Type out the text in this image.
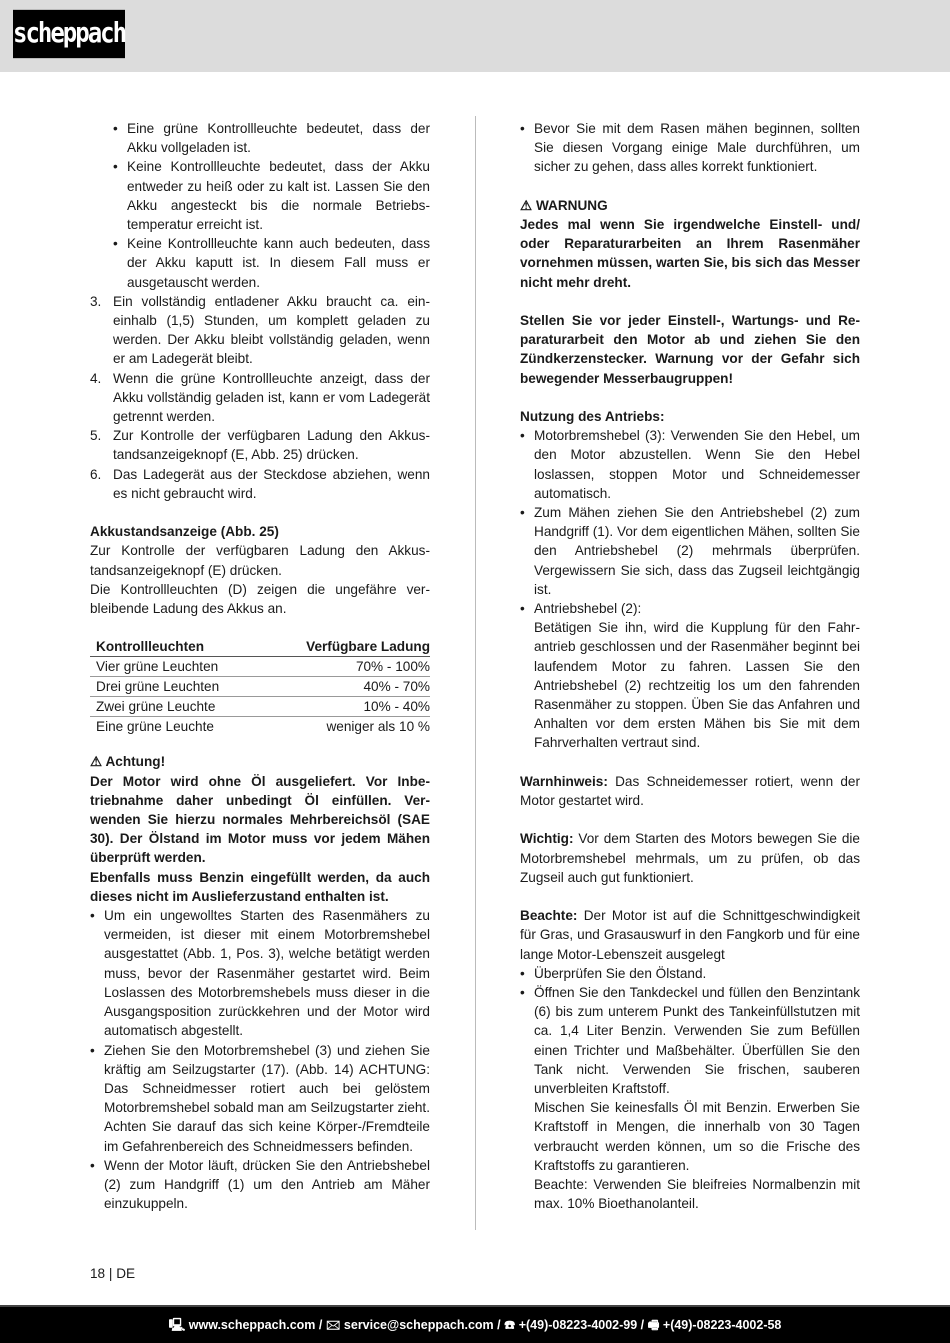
scheppach
• Eine grüne Kontrollleuchte bedeutet, dass der Akku vollgeladen ist.
• Keine Kontrollleuchte bedeutet, dass der Akku entweder zu heiß oder zu kalt ist. Lassen Sie den Akku angesteckt bis die normale Betriebstemperatur erreicht ist.
• Keine Kontrollleuchte kann auch bedeuten, dass der Akku kaputt ist. In diesem Fall muss er ausgetauscht werden.
3. Ein vollständig entladener Akku braucht ca. eineinhalb (1,5) Stunden, um komplett geladen zu werden. Der Akku bleibt vollständig geladen, wenn er am Ladegerät bleibt.
4. Wenn die grüne Kontrollleuchte anzeigt, dass der Akku vollständig geladen ist, kann er vom Ladegerät getrennt werden.
5. Zur Kontrolle der verfügbaren Ladung den Akkustandsanzeigeknopf (E, Abb. 25) drücken.
6. Das Ladegerät aus der Steckdose abziehen, wenn es nicht gebraucht wird.

Akkustandsanzeige (Abb. 25)

Zur Kontrolle der verfügbaren Ladung den Akkustandsanzeigeknopf (E) drücken.

Die Kontrollleuchten (D) zeigen die ungefähre verbleibende Ladung des Akkus an.

Kontrollleuchten	Verfügbare Ladung
Vier grüne Leuchten	70% - 100%
Drei grüne Leuchten	40% - 70%
Zwei grüne Leuchte	10% - 40%
Eine grüne Leuchte	weniger als 10 %

⚠ Achtung!

Der Motor wird ohne Öl ausgeliefert. Vor Inbetriebnahme daher unbedingt Öl einfüllen. Verwenden Sie hierzu normales Mehrbereichsöl (SAE 30). Der Ölstand im Motor muss vor jedem Mähen überprüft werden.

Ebenfalls muss Benzin eingefüllt werden, da auch dieses nicht im Auslieferzustand enthalten ist.

• Um ein ungewolltes Starten des Rasenmähers zu vermeiden, ist dieser mit einem Motorbremshebel ausgestattet (Abb. 1, Pos. 3), welche betätigt werden muss, bevor der Rasenmäher gestartet wird. Beim Loslassen des Motorbremshebels muss dieser in die Ausgangsposition zurückkehren und der Motor wird automatisch abgestellt.
• Ziehen Sie den Motorbremshebel (3) und ziehen Sie kräftig am Seilzugstarter (17). (Abb. 14) ACHTUNG: Das Schneidmesser rotiert auch bei gelöstem Motorbremshebel sobald man am Seilzugstarter zieht. Achten Sie darauf das sich keine Körper-/Fremdteile im Gefahrenbereich des Schneidmessers befinden.
• Wenn der Motor läuft, drücken Sie den Antriebshebel (2) zum Handgriff (1) um den Antrieb am Mäher einzukuppeln.
• Bevor Sie mit dem Rasen mähen beginnen, sollten Sie diesen Vorgang einige Male durchführen, um sicher zu gehen, dass alles korrekt funktioniert.

⚠ WARNUNG

Jedes mal wenn Sie irgendwelche Einstell- und/ oder Reparaturarbeiten an Ihrem Rasenmäher vornehmen müssen, warten Sie, bis sich das Messer nicht mehr dreht.

Stellen Sie vor jeder Einstell-, Wartungs- und Reparaturarbeit den Motor ab und ziehen Sie den Zündkerzenstecker. Warnung vor der Gefahr sich bewegender Messerbaugruppen!

Nutzung des Antriebs:

• Motorbremshebel (3): Verwenden Sie den Hebel, um den Motor abzustellen. Wenn Sie den Hebel loslassen, stoppen Motor und Schneidemesser automatisch.
• Zum Mähen ziehen Sie den Antriebshebel (2) zum Handgriff (1). Vor dem eigentlichen Mähen, sollten Sie den Antriebshebel (2) mehrmals überprüfen. Vergewissern Sie sich, dass das Zugseil leichtgängig ist.
• Antriebshebel (2):

Betätigen Sie ihn, wird die Kupplung für den Fahrantrieb geschlossen und der Rasenmäher beginnt bei laufendem Motor zu fahren. Lassen Sie den Antriebshebel (2) rechtzeitig los um den fahrenden Rasenmäher zu stoppen. Üben Sie das Anfahren und Anhalten vor dem ersten Mähen bis Sie mit dem Fahrverhalten vertraut sind.

Warnhinweis: Das Schneidemesser rotiert, wenn der Motor gestartet wird.

Wichtig: Vor dem Starten des Motors bewegen Sie die Motorbremshebel mehrmals, um zu prüfen, ob das Zugseil auch gut funktioniert.

Beachte: Der Motor ist auf die Schnittgeschwindigkeit für Gras, und Grasauswurf in den Fangkorb und für eine lange Motor-Lebenszeit ausgelegt

• Überprüfen Sie den Ölstand.
• Öffnen Sie den Tankdeckel und füllen den Benzintank (6) bis zum unterem Punkt des Tankeinfüllstutzen mit ca. 1,4 Liter Benzin. Verwenden Sie zum Befüllen einen Trichter und Maßbehälter. Überfüllen Sie den Tank nicht. Verwenden Sie frischen, sauberen unverbleiten Kraftstoff.

Mischen Sie keinesfalls Öl mit Benzin. Erwerben Sie Kraftstoff in Mengen, die innerhalb von 30 Tagen verbraucht werden können, um so die Frische des Kraftstoffs zu garantieren.

Beachte: Verwenden Sie bleifreies Normalbenzin mit max. 10% Bioethanolanteil.

18 | DE
🖳 www.scheppach.com / 🖂 service@scheppach.com / ☎ +(49)-08223-4002-99 / 🖷 +(49)-08223-4002-58
